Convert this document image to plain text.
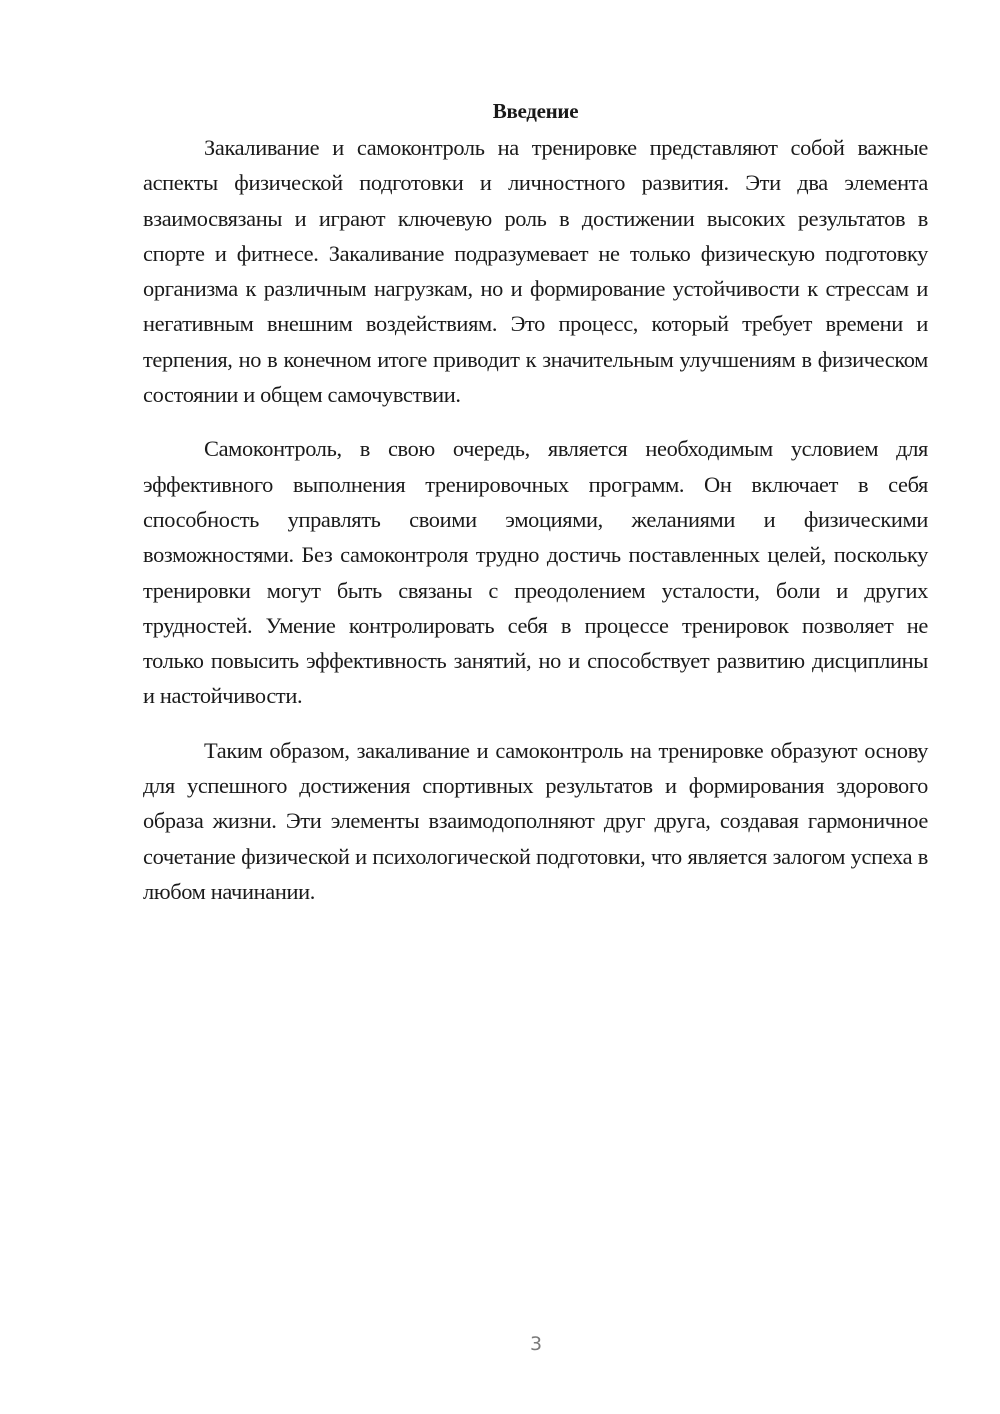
Введение

Закаливание и самоконтроль на тренировке представляют собой важные аспекты физической подготовки и личностного развития. Эти два элемента взаимосвязаны и играют ключевую роль в достижении высоких результатов в спорте и фитнесе. Закаливание подразумевает не только физическую подготовку организма к различным нагрузкам, но и формирование устойчивости к стрессам и негативным внешним воздействиям. Это процесс, который требует времени и терпения, но в конечном итоге приводит к значительным улучшениям в физическом состоянии и общем самочувствии.

Самоконтроль, в свою очередь, является необходимым условием для эффективного выполнения тренировочных программ. Он включает в себя способность управлять своими эмоциями, желаниями и физическими возможностями. Без самоконтроля трудно достичь поставленных целей, поскольку тренировки могут быть связаны с преодолением усталости, боли и других трудностей. Умение контролировать себя в процессе тренировок позволяет не только повысить эффективность занятий, но и способствует развитию дисциплины и настойчивости.

Таким образом, закаливание и самоконтроль на тренировке образуют основу для успешного достижения спортивных результатов и формирования здорового образа жизни. Эти элементы взаимодополняют друг друга, создавая гармоничное сочетание физической и психологической подготовки, что является залогом успеха в любом начинании.

3
